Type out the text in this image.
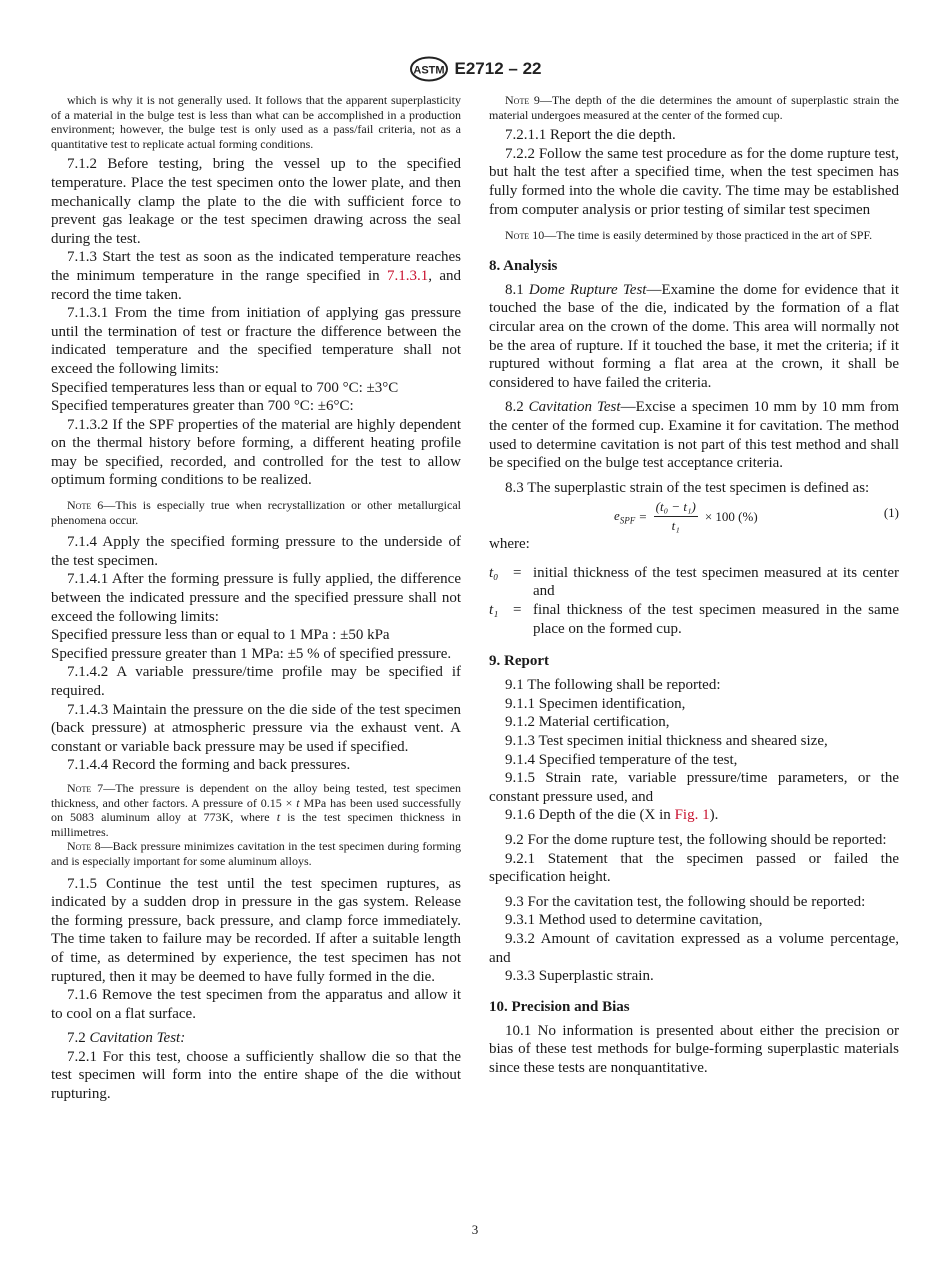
ASTM E2712 – 22

which is why it is not generally used. It follows that the apparent superplasticity of a material in the bulge test is less than what can be accomplished in a production environment; however, the bulge test is only used as a pass/fail criteria, not as a quantitative test to replicate actual forming conditions.

7.1.2 Before testing, bring the vessel up to the specified temperature. Place the test specimen onto the lower plate, and then mechanically clamp the plate to the die with sufficient force to prevent gas leakage or the test specimen drawing across the seal during the test.

7.1.3 Start the test as soon as the indicated temperature reaches the minimum temperature in the range specified in 7.1.3.1, and record the time taken.

7.1.3.1 From the time from initiation of applying gas pressure until the termination of test or fracture the difference between the indicated temperature and the specified temperature shall not exceed the following limits:

Specified temperatures less than or equal to 700 °C: ±3°C

Specified temperatures greater than 700 °C: ±6°C:

7.1.3.2 If the SPF properties of the material are highly dependent on the thermal history before forming, a different heating profile may be specified, recorded, and controlled for the test to allow optimum forming conditions to be realized.

Note 6—This is especially true when recrystallization or other metallurgical phenomena occur.

7.1.4 Apply the specified forming pressure to the underside of the test specimen.

7.1.4.1 After the forming pressure is fully applied, the difference between the indicated pressure and the specified pressure shall not exceed the following limits:

Specified pressure less than or equal to 1 MPa : ±50 kPa

Specified pressure greater than 1 MPa: ±5 % of specified pressure.

7.1.4.2 A variable pressure/time profile may be specified if required.

7.1.4.3 Maintain the pressure on the die side of the test specimen (back pressure) at atmospheric pressure via the exhaust vent. A constant or variable back pressure may be used if specified.

7.1.4.4 Record the forming and back pressures.

Note 7—The pressure is dependent on the alloy being tested, test specimen thickness, and other factors. A pressure of 0.15 × t MPa has been used successfully on 5083 aluminum alloy at 773K, where t is the test specimen thickness in millimetres.

Note 8—Back pressure minimizes cavitation in the test specimen during forming and is especially important for some aluminum alloys.

7.1.5 Continue the test until the test specimen ruptures, as indicated by a sudden drop in pressure in the gas system. Release the forming pressure, back pressure, and clamp force immediately. The time taken to failure may be recorded. If after a suitable length of time, as determined by experience, the test specimen has not ruptured, then it may be deemed to have fully formed in the die.

7.1.6 Remove the test specimen from the apparatus and allow it to cool on a flat surface.

7.2 Cavitation Test:

7.2.1 For this test, choose a sufficiently shallow die so that the test specimen will form into the entire shape of the die without rupturing.

Note 9—The depth of the die determines the amount of superplastic strain the material undergoes measured at the center of the formed cup.

7.2.1.1 Report the die depth.

7.2.2 Follow the same test procedure as for the dome rupture test, but halt the test after a specified time, when the test specimen has fully formed into the whole die cavity. The time may be established from computer analysis or prior testing of similar test specimen

Note 10—The time is easily determined by those practiced in the art of SPF.

8. Analysis

8.1 Dome Rupture Test—Examine the dome for evidence that it touched the base of the die, indicated by the formation of a flat circular area on the crown of the dome. This area will normally not be the area of rupture. If it touched the base, it met the criteria; if it ruptured without forming a flat area at the crown, it shall be considered to have failed the criteria.

8.2 Cavitation Test—Excise a specimen 10 mm by 10 mm from the center of the formed cup. Examine it for cavitation. The method used to determine cavitation is not part of this test method and shall be specified on the bulge test acceptance criteria.

8.3 The superplastic strain of the test specimen is defined as:

$e_{SPF} = \frac{\text{(t₀ − t₁)}}{\text{t₁}} \times 100$ (%)	(1)

where:

t₀ = initial thickness of the test specimen measured at its center and
t₁ = final thickness of the test specimen measured in the same place on the formed cup.

9. Report

9.1 The following shall be reported:

9.1.1 Specimen identification,

9.1.2 Material certification,

9.1.3 Test specimen initial thickness and sheared size,

9.1.4 Specified temperature of the test,

9.1.5 Strain rate, variable pressure/time parameters, or the constant pressure used, and

9.1.6 Depth of the die (X in Fig. 1).

9.2 For the dome rupture test, the following should be reported:

9.2.1 Statement that the specimen passed or failed the specification height.

9.3 For the cavitation test, the following should be reported:

9.3.1 Method used to determine cavitation,

9.3.2 Amount of cavitation expressed as a volume percentage, and

9.3.3 Superplastic strain.

10. Precision and Bias

10.1 No information is presented about either the precision or bias of these test methods for bulge-forming superplastic materials since these tests are nonquantitative.

3
